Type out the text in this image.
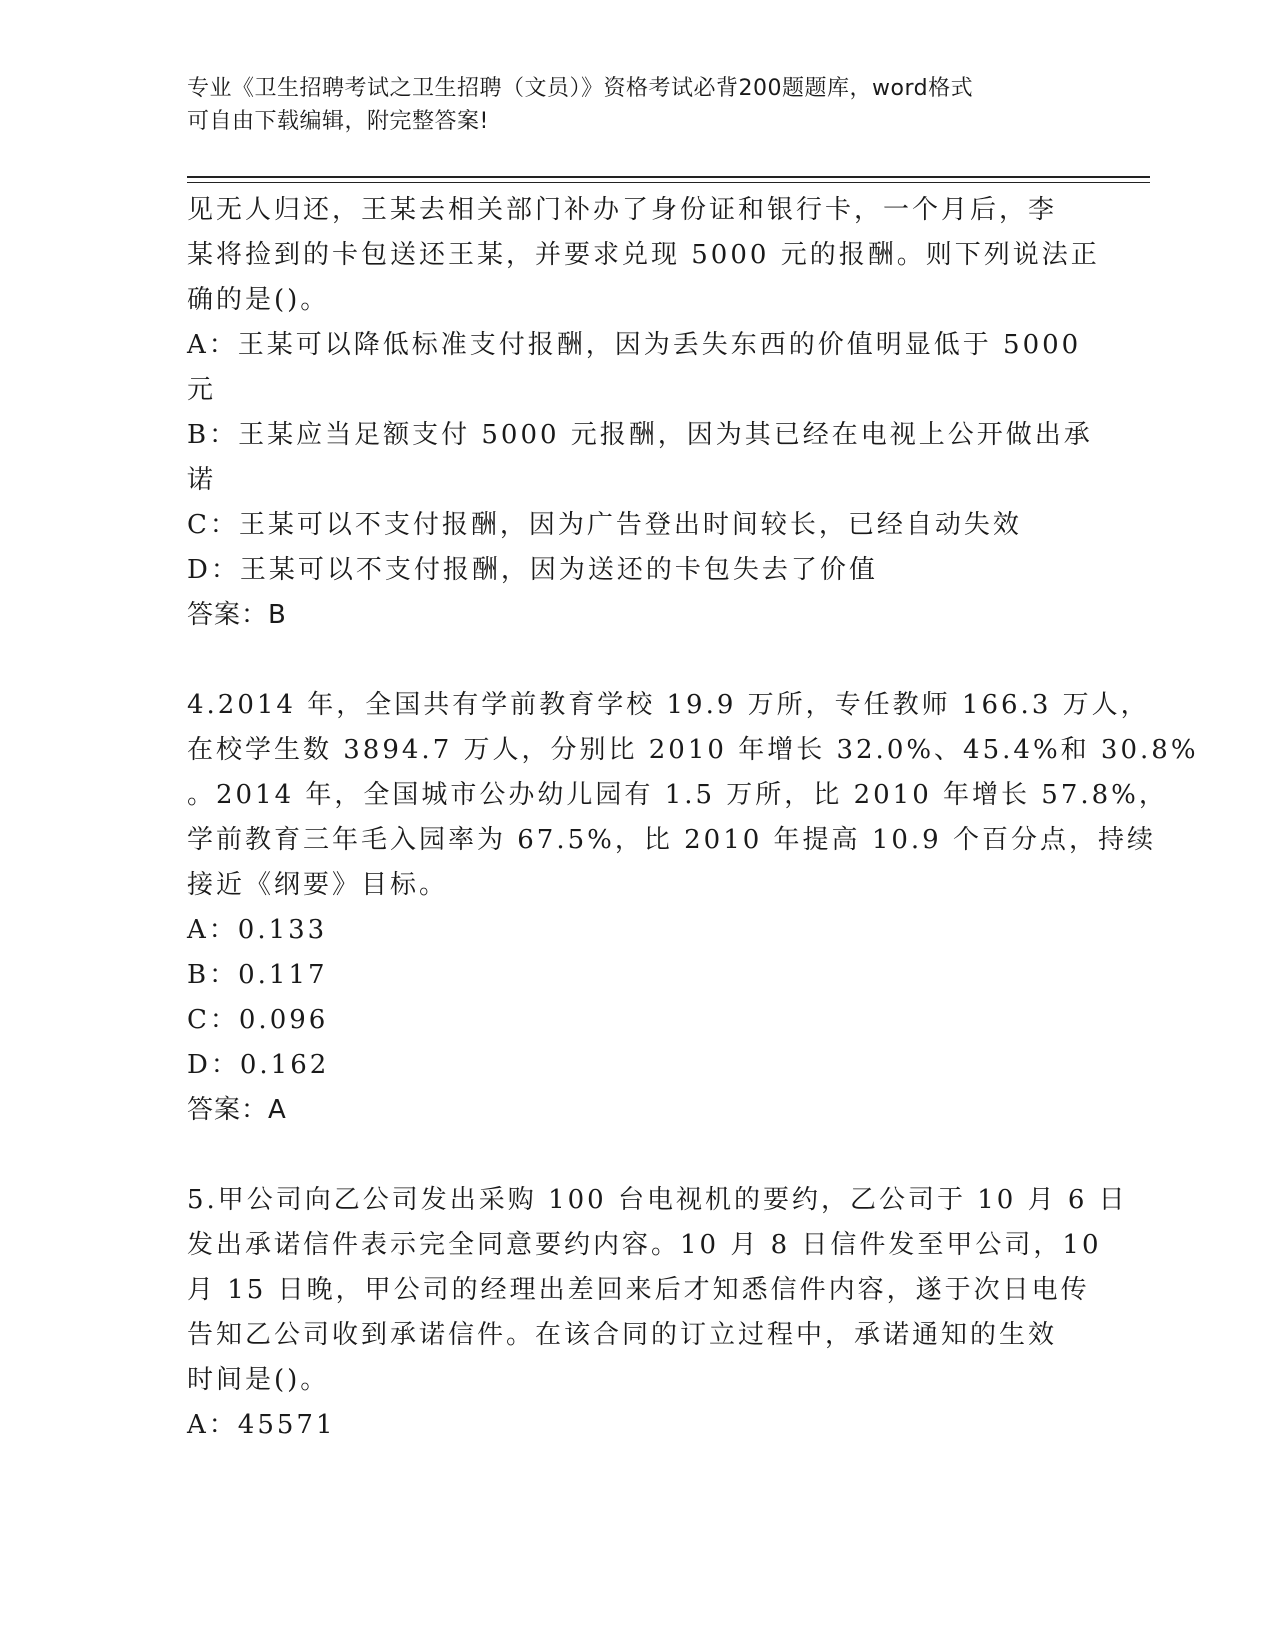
专业《卫生招聘考试之卫生招聘（文员）》资格考试必背200题题库，word格式
可自由下载编辑，附完整答案!
见无人归还，王某去相关部门补办了身份证和银行卡，一个月后，李
某将捡到的卡包送还王某，并要求兑现 5000 元的报酬。则下列说法正
确的是()。
A：王某可以降低标准支付报酬，因为丢失东西的价值明显低于 5000
元
B：王某应当足额支付 5000 元报酬，因为其已经在电视上公开做出承
诺
C：王某可以不支付报酬，因为广告登出时间较长，已经自动失效
D：王某可以不支付报酬，因为送还的卡包失去了价值
答案：B
4.2014 年，全国共有学前教育学校 19.9 万所，专任教师 166.3 万人，
在校学生数 3894.7 万人，分别比 2010 年增长 32.0%、45.4%和 30.8%
。2014 年，全国城市公办幼儿园有 1.5 万所，比 2010 年增长 57.8%，
学前教育三年毛入园率为 67.5%，比 2010 年提高 10.9 个百分点，持续
接近《纲要》目标。
A：0.133
B：0.117
C：0.096
D：0.162
答案：A
5.甲公司向乙公司发出采购 100 台电视机的要约，乙公司于 10 月 6 日
发出承诺信件表示完全同意要约内容。10 月 8 日信件发至甲公司，10
月 15 日晚，甲公司的经理出差回来后才知悉信件内容，遂于次日电传
告知乙公司收到承诺信件。在该合同的订立过程中，承诺通知的生效
时间是()。
A：45571
